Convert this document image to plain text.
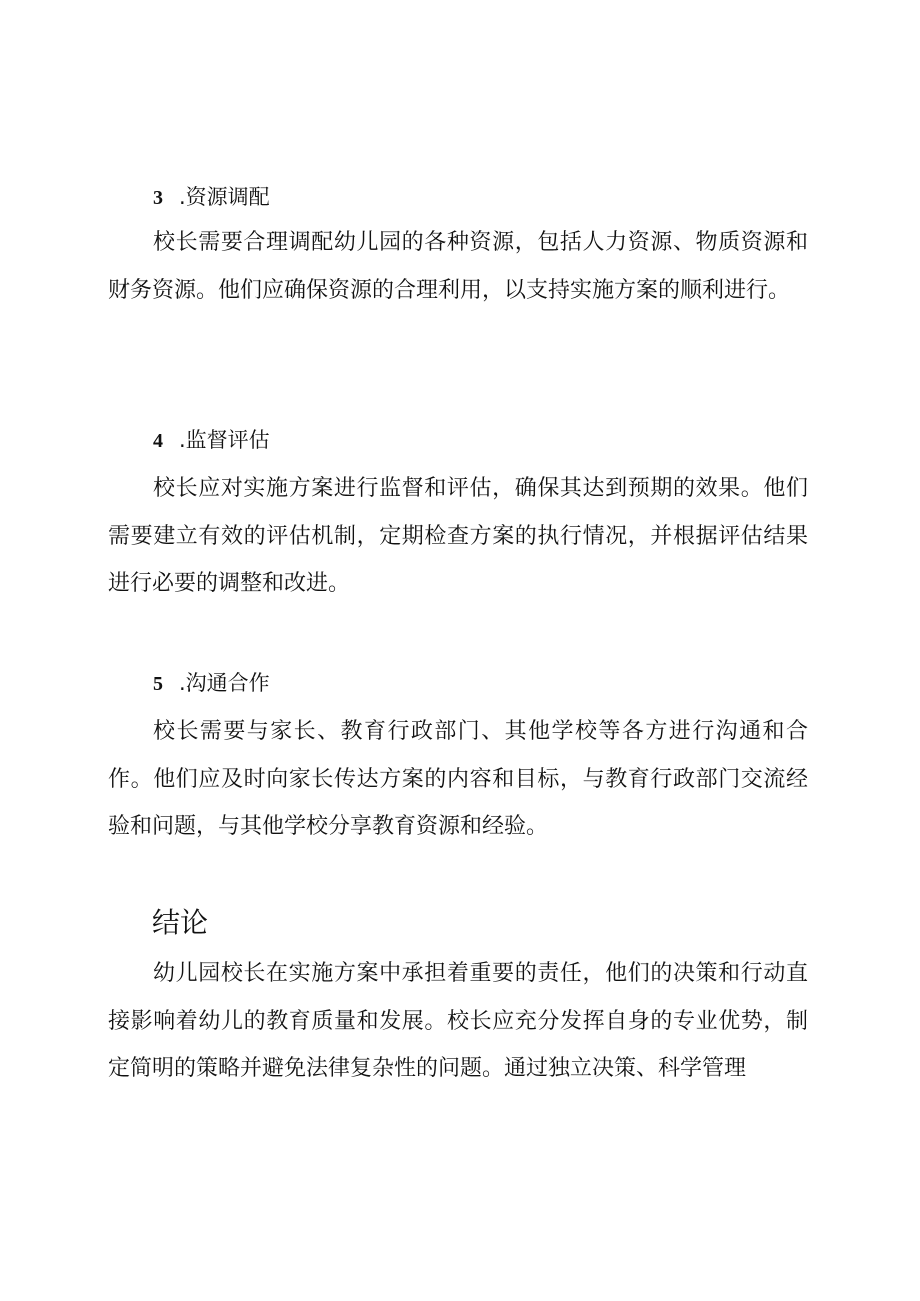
3 .资源调配
校长需要合理调配幼儿园的各种资源，包括人力资源、物质资源和财务资源。他们应确保资源的合理利用，以支持实施方案的顺利进行。
4 .监督评估
校长应对实施方案进行监督和评估，确保其达到预期的效果。他们需要建立有效的评估机制，定期检查方案的执行情况，并根据评估结果进行必要的调整和改进。
5 .沟通合作
校长需要与家长、教育行政部门、其他学校等各方进行沟通和合作。他们应及时向家长传达方案的内容和目标，与教育行政部门交流经验和问题，与其他学校分享教育资源和经验。
结论
幼儿园校长在实施方案中承担着重要的责任，他们的决策和行动直接影响着幼儿的教育质量和发展。校长应充分发挥自身的专业优势，制定简明的策略并避免法律复杂性的问题。通过独立决策、科学管理
